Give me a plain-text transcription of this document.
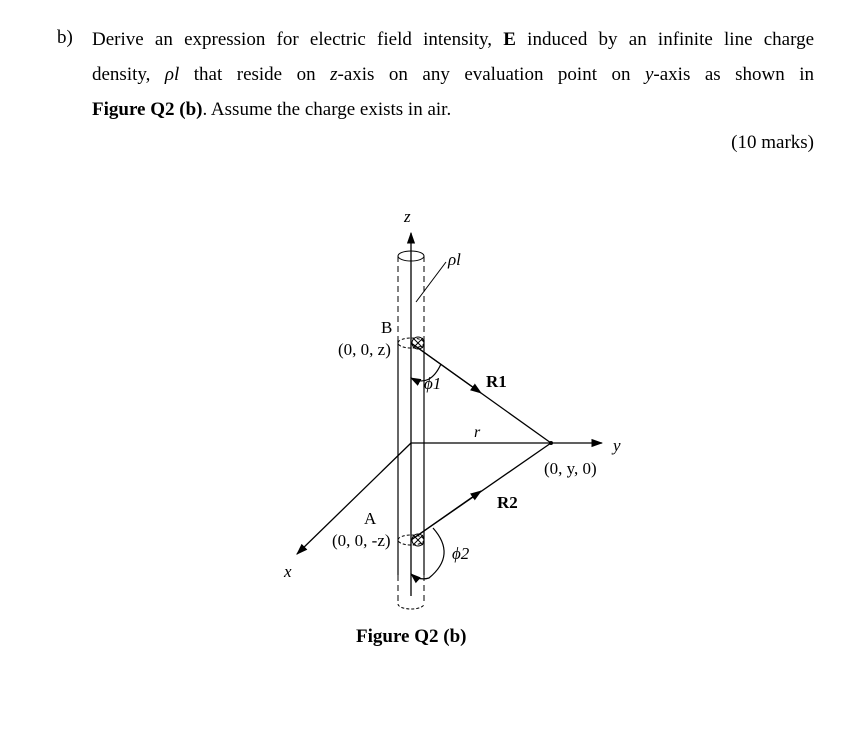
b) Derive an expression for electric field intensity, E induced by an infinite line charge
density, ρl that reside on z-axis on any evaluation point on y-axis as shown in
Figure Q2 (b). Assume the charge exists in air.
(10 marks)
z
ρl
B
(0, 0, z)
ϕ1	R1
r
y
(0, y, 0)
R2
A
(0, 0, -z)
ϕ2
x
Figure Q2 (b)
